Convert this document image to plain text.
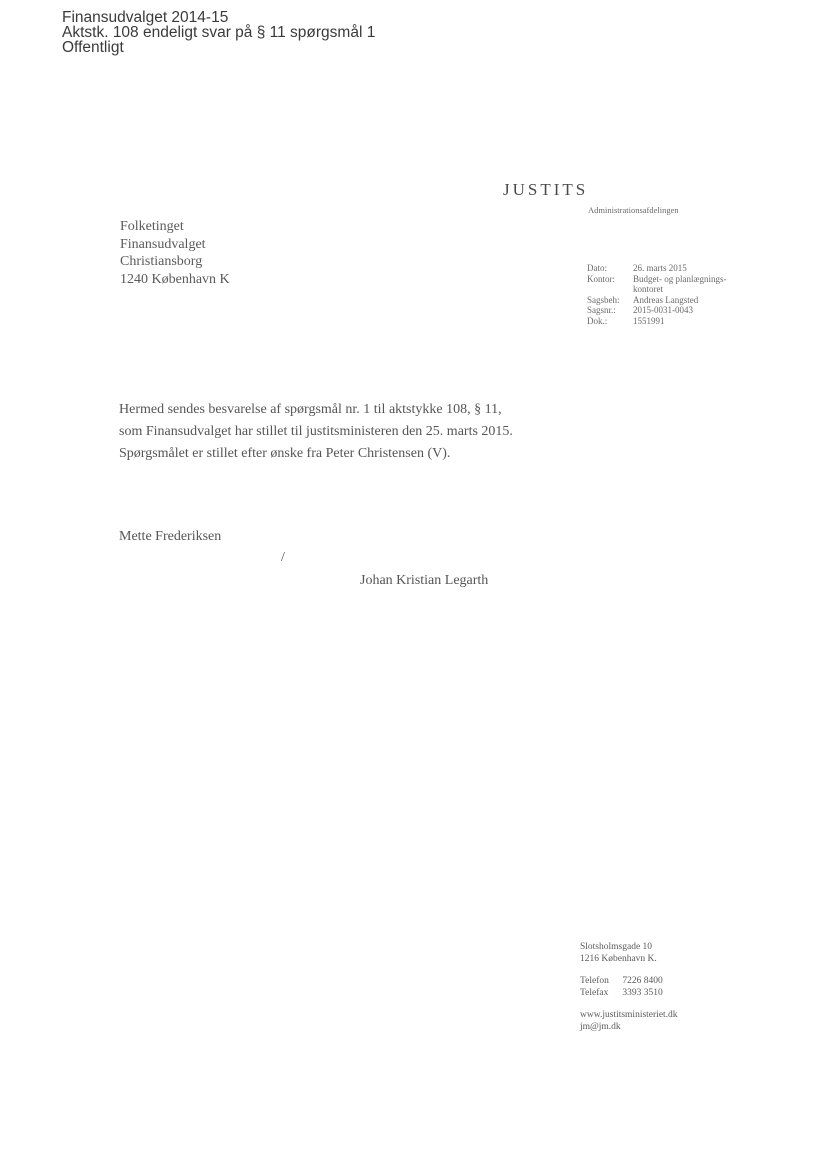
Finansudvalget 2014-15
Aktstk. 108 endeligt svar på § 11 spørgsmål 1
Offentligt
JUSTITS
Administrationsafdelingen
Folketinget
Finansudvalget
Christiansborg
1240 København K
Dato:	26. marts 2015
Kontor:	Budget- og planlægnings-
kontoret
Sagsbeh:	Andreas Langsted
Sagsnr.:	2015-0031-0043
Dok.:	1551991
Hermed sendes besvarelse af spørgsmål nr. 1 til aktstykke 108, § 11,
som Finansudvalget har stillet til justitsministeren den 25. marts 2015.
Spørgsmålet er stillet efter ønske fra Peter Christensen (V).
Mette Frederiksen
/
Johan Kristian Legarth
Slotsholmsgade 10
1216 København K.
Telefon 7226 8400
Telefax 3393 3510
www.justitsministeriet.dk
jm@jm.dk
